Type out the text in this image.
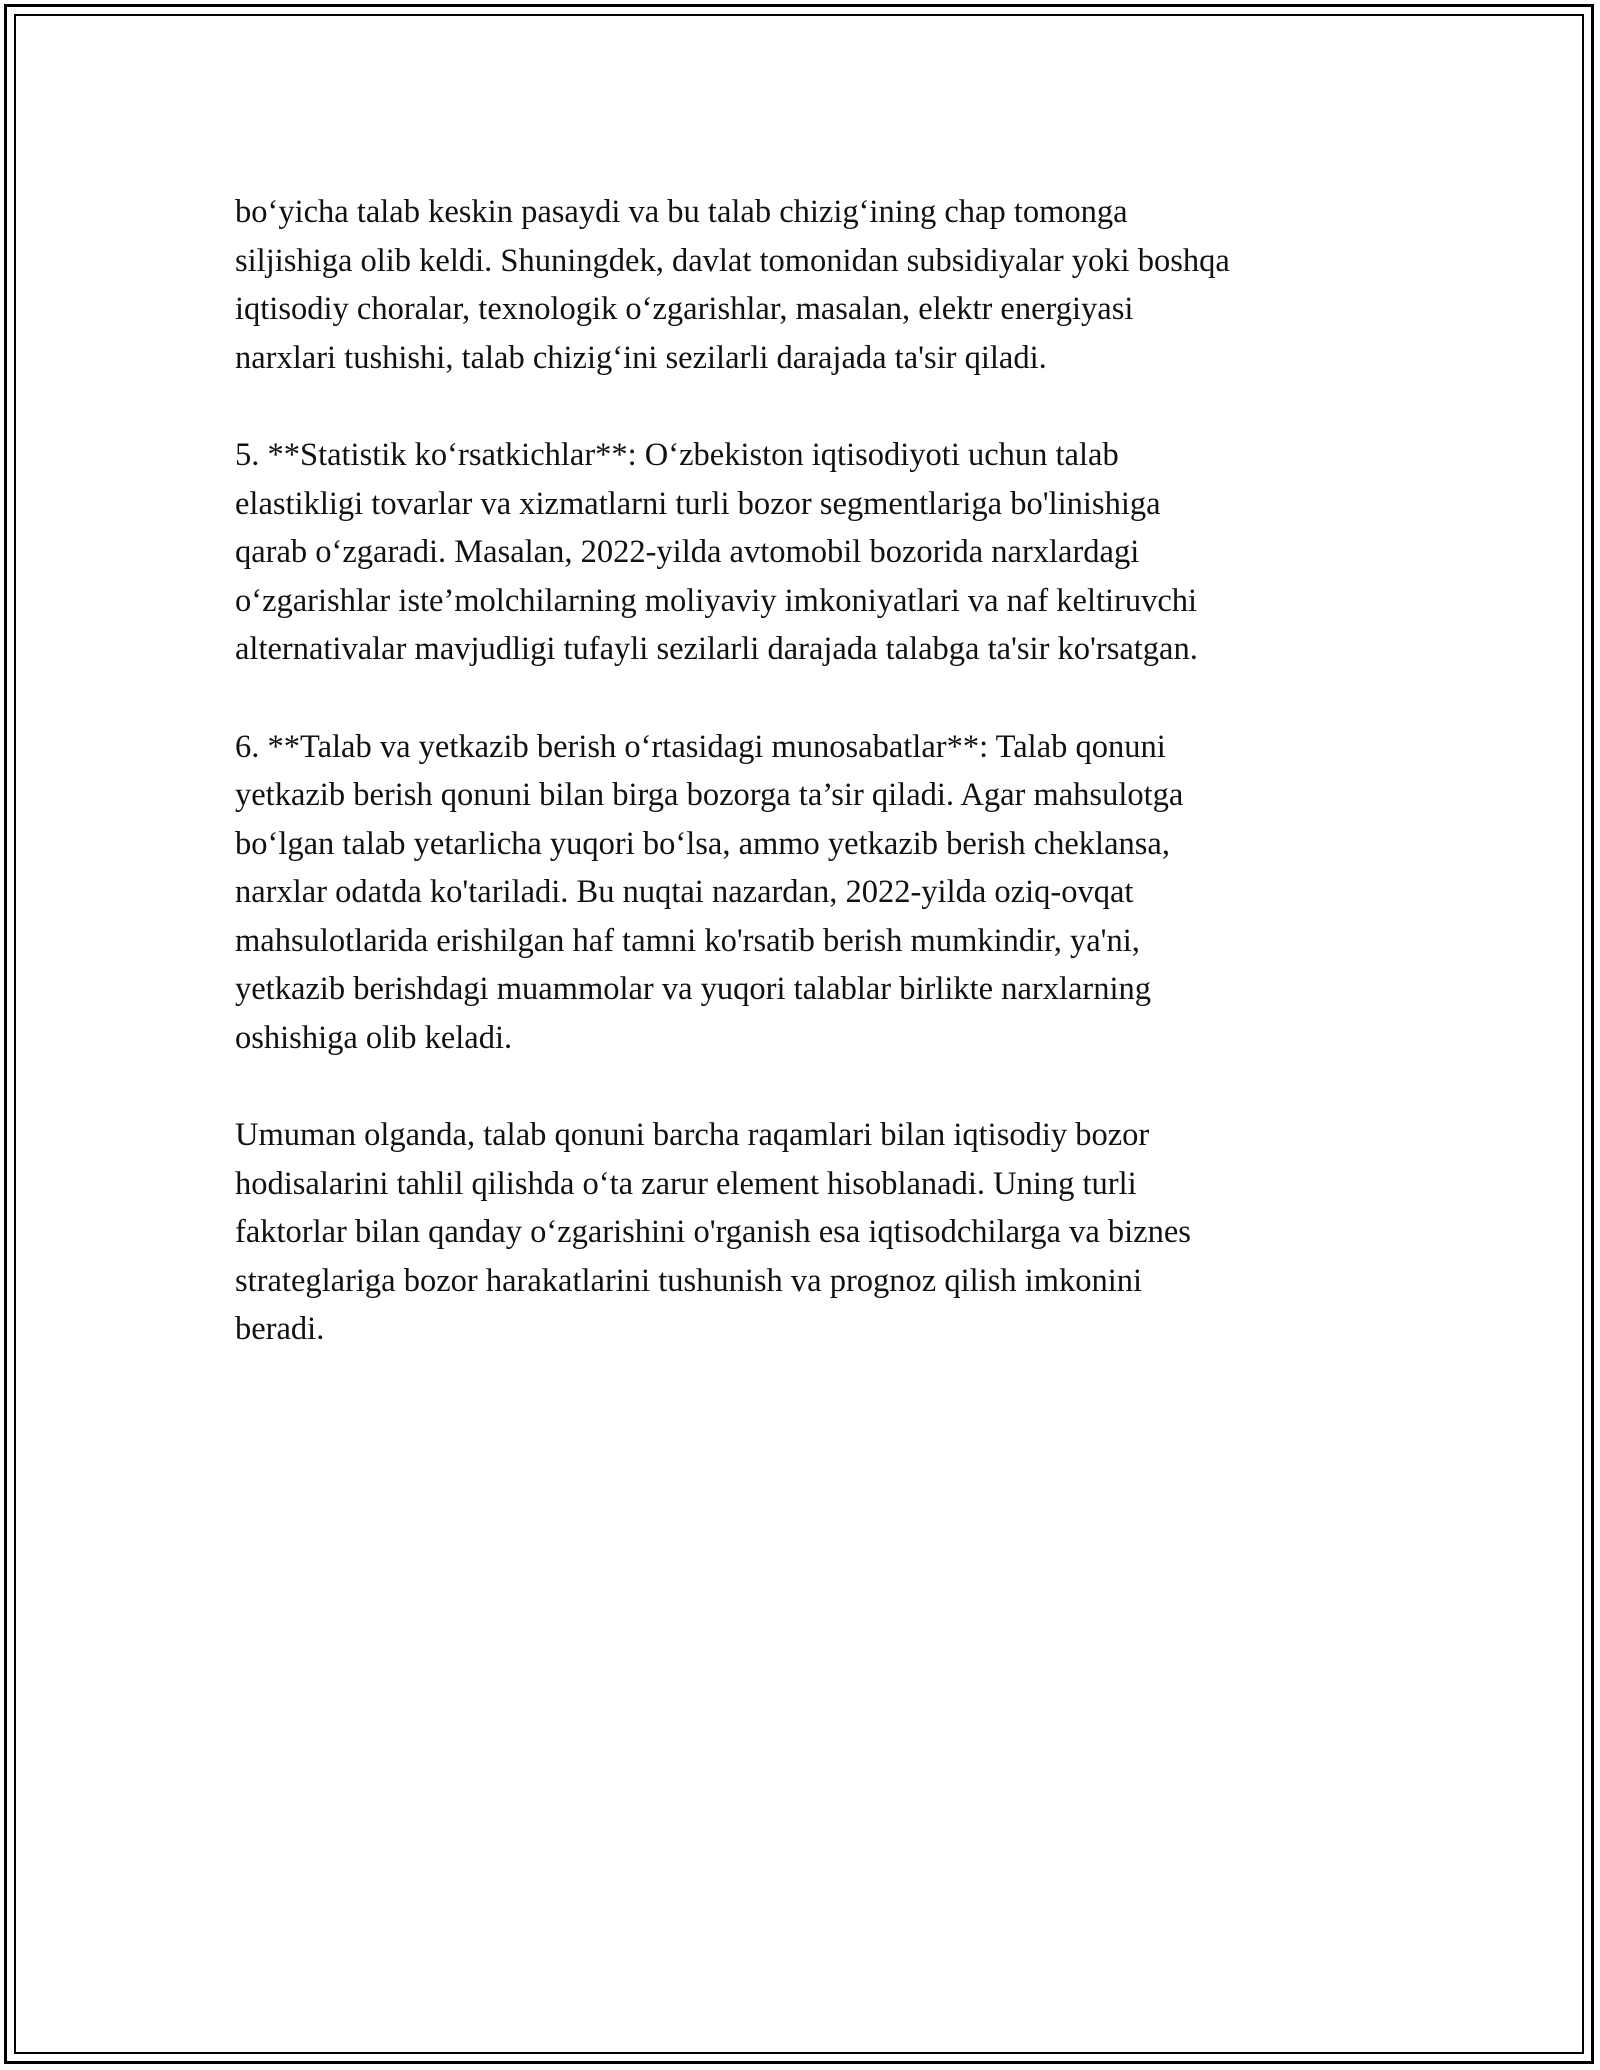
bo‘yicha talab keskin pasaydi va bu talab chizig‘ining chap tomonga
siljishiga olib keldi. Shuningdek, davlat tomonidan subsidiyalar yoki boshqa
iqtisodiy choralar, texnologik o‘zgarishlar, masalan, elektr energiyasi
narxlari tushishi, talab chizig‘ini sezilarli darajada ta'sir qiladi.

5. **Statistik ko‘rsatkichlar**: O‘zbekiston iqtisodiyoti uchun talab
elastikligi tovarlar va xizmatlarni turli bozor segmentlariga bo'linishiga
qarab o‘zgaradi. Masalan, 2022-yilda avtomobil bozorida narxlardagi
o‘zgarishlar iste’molchilarning moliyaviy imkoniyatlari va naf keltiruvchi
alternativalar mavjudligi tufayli sezilarli darajada talabga ta'sir ko'rsatgan.

6. **Talab va yetkazib berish o‘rtasidagi munosabatlar**: Talab qonuni
yetkazib berish qonuni bilan birga bozorga ta’sir qiladi. Agar mahsulotga
bo‘lgan talab yetarlicha yuqori bo‘lsa, ammo yetkazib berish cheklansa,
narxlar odatda ko'tariladi. Bu nuqtai nazardan, 2022-yilda oziq-ovqat
mahsulotlarida erishilgan haf tamni ko'rsatib berish mumkindir, ya'ni,
yetkazib berishdagi muammolar va yuqori talablar birlikte narxlarning
oshishiga olib keladi.

Umuman olganda, talab qonuni barcha raqamlari bilan iqtisodiy bozor
hodisalarini tahlil qilishda o‘ta zarur element hisoblanadi. Uning turli
faktorlar bilan qanday o‘zgarishini o'rganish esa iqtisodchilarga va biznes
strateglariga bozor harakatlarini tushunish va prognoz qilish imkonini
beradi.
